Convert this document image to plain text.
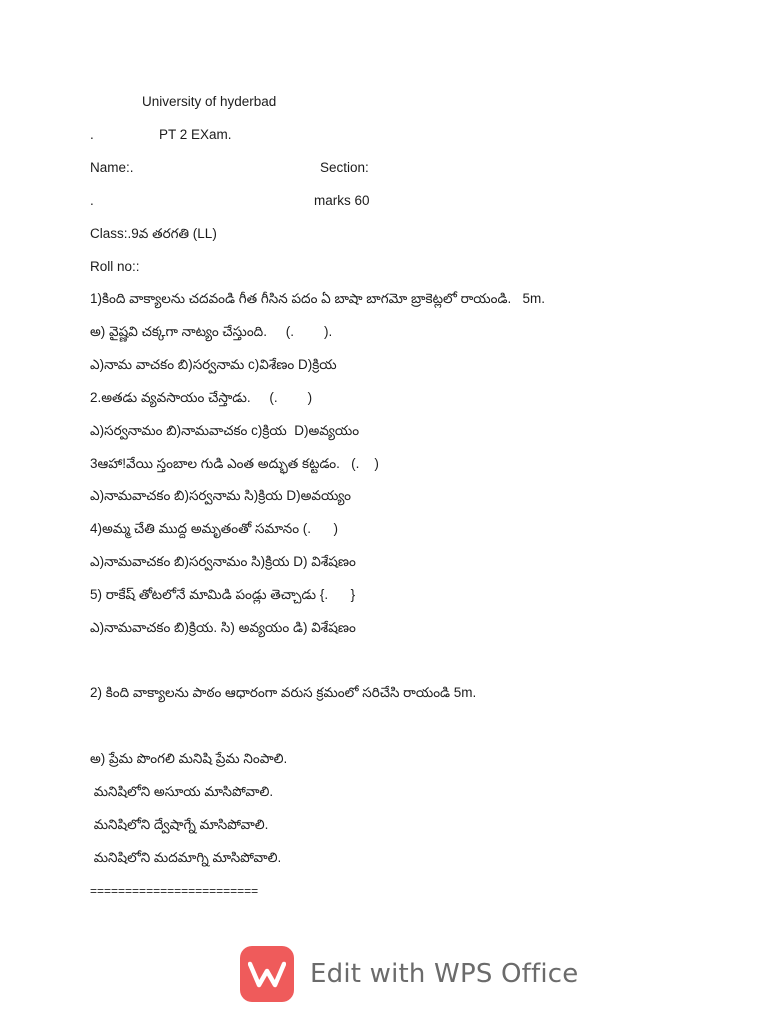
University of hyderbad
.	PT 2 EXam.
Name:.	Section:
.	marks 60
Class:.9వ తరగతి (LL)
Roll no::
1)కింది వాక్యాలను చదవండి గీత గీసిన పదం ఏ బాషా బాగమో బ్రాకెట్లలో రాయండి.   5m.
అ) వైష్ణవి చక్కగా నాట్యం చేస్తుంది.     (.        ).
ఎ)నామ వాచకం బి)సర్వనామ c)విశేణం D)క్రియ
2.అతడు వ్యవసాయం చేస్తాడు.     (.        )
ఎ)సర్వనామం బి)నామవాచకం c)క్రియ  D)అవ్యయం
3ఆహా!వేయి స్తంబాల గుడి ఎంత అద్భుత కట్టడం.   (.    )
ఎ)నామవాచకం బి)సర్వనామ సి)క్రియ D)అవయ్యం
4)అమ్మ చేతి ముద్ద అమృతంతో సమానం (.      )
ఎ)నామవాచకం బి)సర్వనామం సి)క్రియ D) విశేషణం
5) రాకేష్ తోటలోనే మామిడి పండ్లు తెచ్చాడు {.      }
ఎ)నామవాచకం బి)క్రియ. సి) అవ్యయం డి) విశేషణం
2) కింది వాక్యాలను పాఠం ఆధారంగా వరుస క్రమంలో సరిచేసి రాయండి 5m.
అ) ప్రేమ పొంగలి మనిషి ప్రేమ నింపాలి.
మనిషిలోని అసూయ మాసిపోవాలి.
మనిషిలోని ద్వేషాగ్నే మాసిపోవాలి.
మనిషిలోని మదమాగ్ని మాసిపోవాలి.
========================
Edit with WPS Office
